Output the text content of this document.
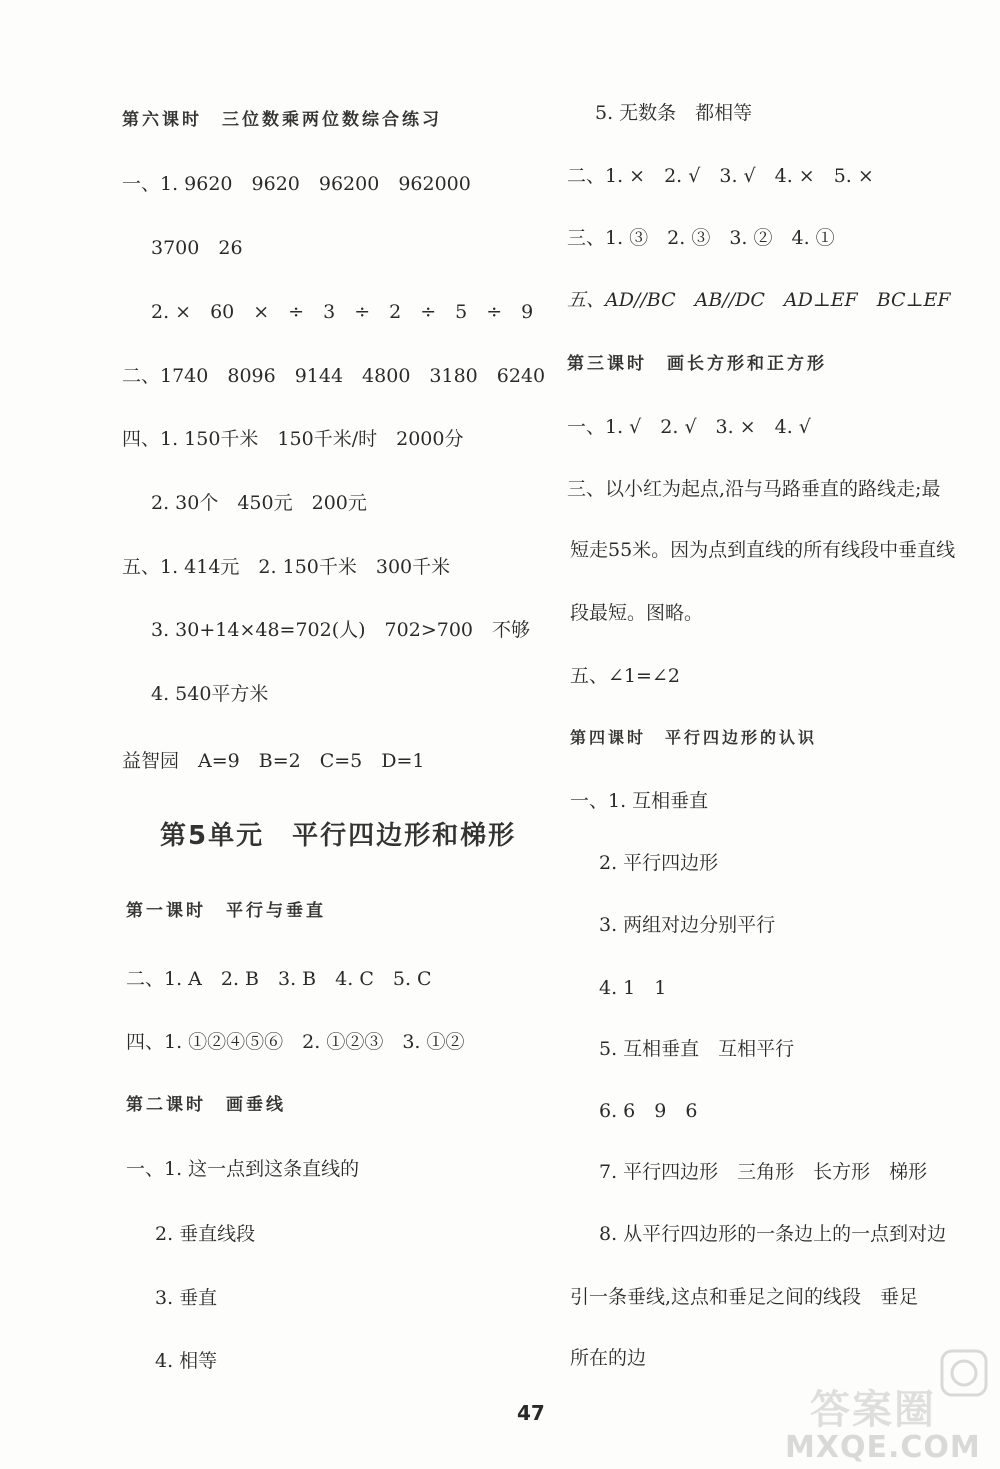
第六课时　三位数乘两位数综合练习
一、1. 9620　9620　96200　962000
3700　26
2. ×　60　×　÷　3　÷　2　÷　5　÷　9
二、1740　8096　9144　4800　3180　6240
四、1. 150千米　150千米/时　2000分
2. 30个　450元　200元
五、1. 414元　2. 150千米　300千米
3. 30+14×48=702(人)　702>700　不够
4. 540平方米
益智园　A=9　B=2　C=5　D=1
第5单元　平行四边形和梯形
第一课时　平行与垂直
二、1. A　2. B　3. B　4. C　5. C
四、1. ①②④⑤⑥　2. ①②③　3. ①②
第二课时　画垂线
一、1. 这一点到这条直线的
2. 垂直线段
3. 垂直
4. 相等
5. 无数条　都相等
二、1. ×　2. √　3. √　4. ×　5. ×
三、1. ③　2. ③　3. ②　4. ①
五、AD//BC　AB//DC　AD⊥EF　BC⊥EF
第三课时　画长方形和正方形
一、1. √　2. √　3. ×　4. √
三、以小红为起点,沿与马路垂直的路线走;最
短走55米。因为点到直线的所有线段中垂直线
段最短。图略。
五、∠1=∠2
第四课时　平行四边形的认识
一、1. 互相垂直
2. 平行四边形
3. 两组对边分别平行
4. 1　1
5. 互相垂直　互相平行
6. 6　9　6
7. 平行四边形　三角形　长方形　梯形
8. 从平行四边形的一条边上的一点到对边
引一条垂线,这点和垂足之间的线段　垂足
所在的边
47	答案圈
MXQE.COM
